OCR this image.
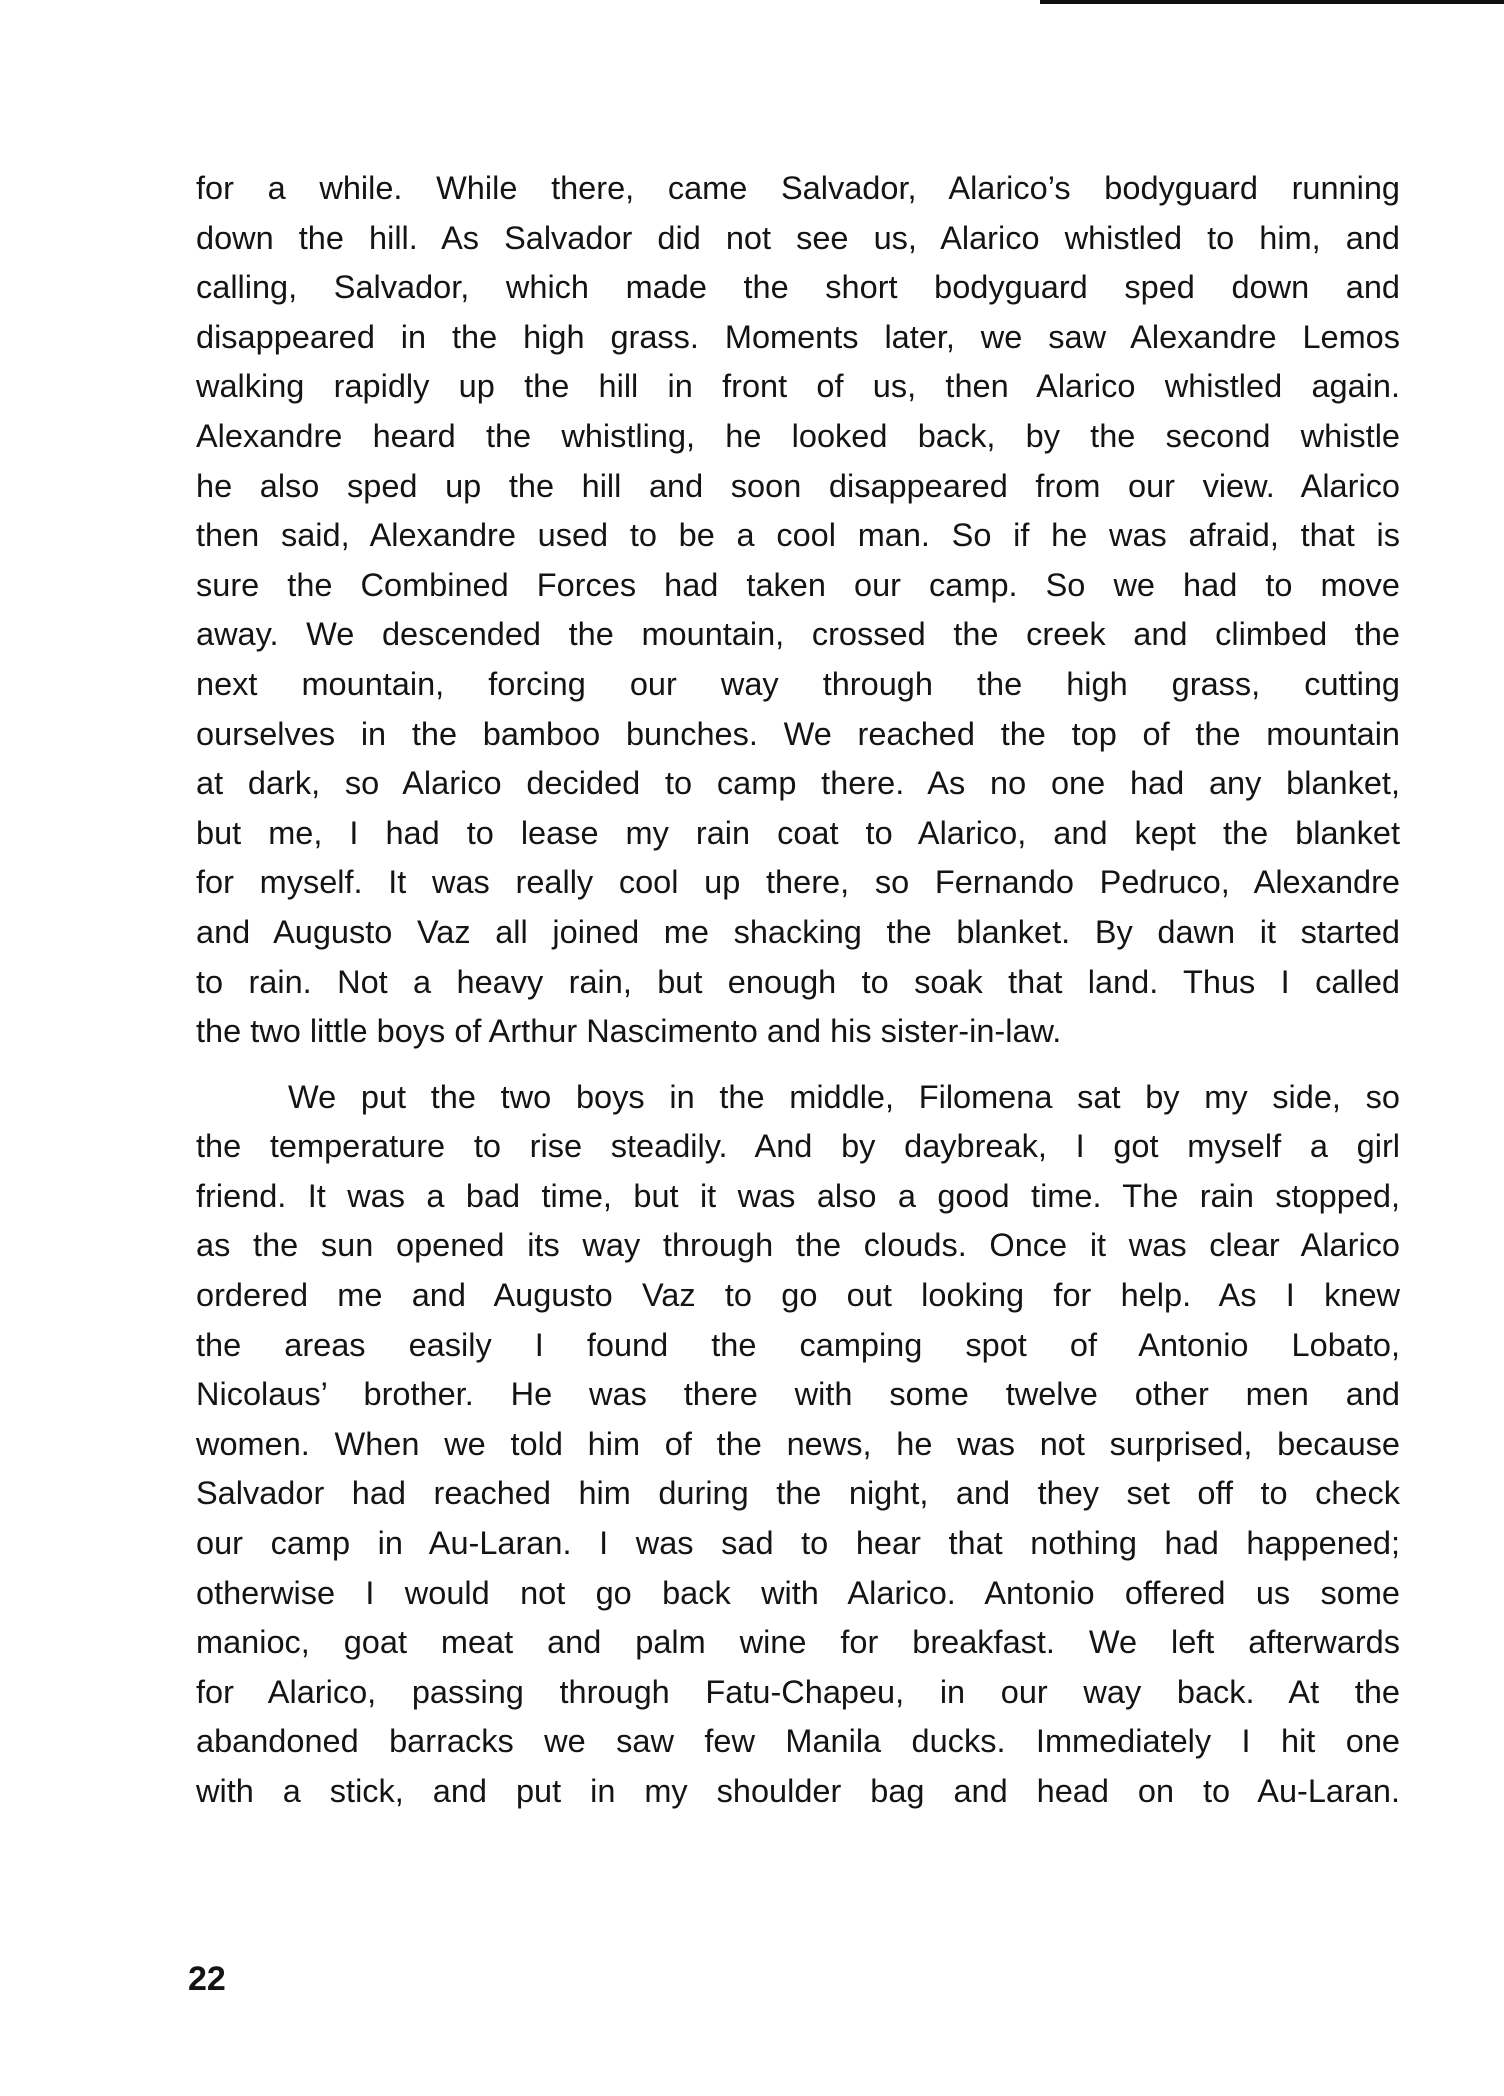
for a while. While there, came Salvador, Alarico’s bodyguard running
down the hill. As Salvador did not see us, Alarico whistled to him, and
calling, Salvador, which made the short bodyguard sped down and
disappeared in the high grass. Moments later, we saw Alexandre Lemos
walking rapidly up the hill in front of us, then Alarico whistled again.
Alexandre heard the whistling, he looked back, by the second whistle
he also sped up the hill and soon disappeared from our view. Alarico
then said, Alexandre used to be a cool man. So if he was afraid, that is
sure the Combined Forces had taken our camp. So we had to move
away. We descended the mountain, crossed the creek and climbed the
next mountain, forcing our way through the high grass, cutting
ourselves in the bamboo bunches. We reached the top of the mountain
at dark, so Alarico decided to camp there. As no one had any blanket,
but me, I had to lease my rain coat to Alarico, and kept the blanket
for myself. It was really cool up there, so Fernando Pedruco, Alexandre
and Augusto Vaz all joined me shacking the blanket. By dawn it started
to rain. Not a heavy rain, but enough to soak that land. Thus I called
the two little boys of Arthur Nascimento and his sister-in-law.
We put the two boys in the middle, Filomena sat by my side, so
the temperature to rise steadily. And by daybreak, I got myself a girl
friend. It was a bad time, but it was also a good time. The rain stopped,
as the sun opened its way through the clouds. Once it was clear Alarico
ordered me and Augusto Vaz to go out looking for help. As I knew
the areas easily I found the camping spot of Antonio Lobato,
Nicolaus’ brother. He was there with some twelve other men and
women. When we told him of the news, he was not surprised, because
Salvador had reached him during the night, and they set off to check
our camp in Au-Laran. I was sad to hear that nothing had happened;
otherwise I would not go back with Alarico. Antonio offered us some
manioc, goat meat and palm wine for breakfast. We left afterwards
for Alarico, passing through Fatu-Chapeu, in our way back. At the
abandoned barracks we saw few Manila ducks. Immediately I hit one
with a stick, and put in my shoulder bag and head on to Au-Laran.
22
